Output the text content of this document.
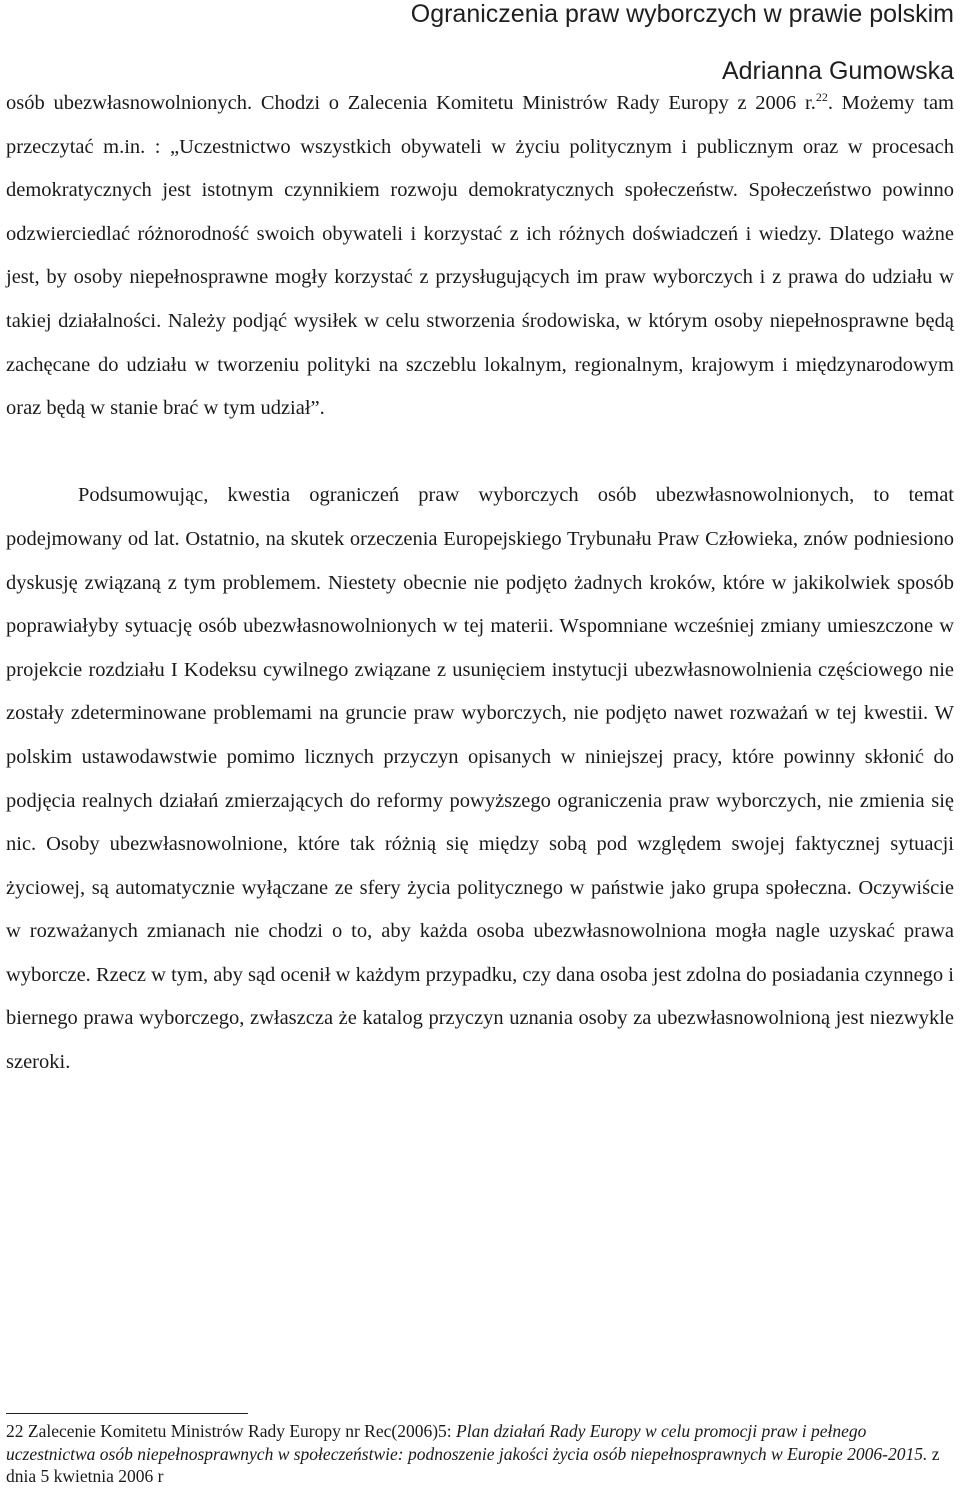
Ograniczenia praw wyborczych w prawie polskim
Adrianna Gumowska

osób ubezwłasnowolnionych. Chodzi o Zalecenia Komitetu Ministrów Rady Europy z 2006 r.$^{22}$. Możemy tam przeczytać m.in. : „Uczestnictwo wszystkich obywateli w życiu politycznym i publicznym oraz w procesach demokratycznych jest istotnym czynnikiem rozwoju demokratycznych społeczeństw. Społeczeństwo powinno odzwierciedlać różnorodność swoich obywateli i korzystać z ich różnych doświadczeń i wiedzy. Dlatego ważne jest, by osoby niepełnosprawne mogły korzystać z przysługujących im praw wyborczych i z prawa do udziału w takiej działalności. Należy podjąć wysiłek w celu stworzenia środowiska, w którym osoby niepełnosprawne będą zachęcane do udziału w tworzeniu polityki na szczeblu lokalnym, regionalnym, krajowym i międzynarodowym oraz będą w stanie brać w tym udział”.

Podsumowując, kwestia ograniczeń praw wyborczych osób ubezwłasnowolnionych, to temat podejmowany od lat. Ostatnio, na skutek orzeczenia Europejskiego Trybunału Praw Człowieka, znów podniesiono dyskusję związaną z tym problemem. Niestety obecnie nie podjęto żadnych kroków, które w jakikolwiek sposób poprawiałyby sytuację osób ubezwłasnowolnionych w tej materii. Wspomniane wcześniej zmiany umieszczone w projekcie rozdziału I Kodeksu cywilnego związane z usunięciem instytucji ubezwłasnowolnienia częściowego nie zostały zdeterminowane problemami na gruncie praw wyborczych, nie podjęto nawet rozważań w tej kwestii. W polskim ustawodawstwie pomimo licznych przyczyn opisanych w niniejszej pracy, które powinny skłonić do podjęcia realnych działań zmierzających do reformy powyższego ograniczenia praw wyborczych, nie zmienia się nic. Osoby ubezwłasnowolnione, które tak różnią się między sobą pod względem swojej faktycznej sytuacji życiowej, są automatycznie wyłączane ze sfery życia politycznego w państwie jako grupa społeczna. Oczywiście w rozważanych zmianach nie chodzi o to, aby każda osoba ubezwłasnowolniona mogła nagle uzyskać prawa wyborcze. Rzecz w tym, aby sąd ocenił w każdym przypadku, czy dana osoba jest zdolna do posiadania czynnego i biernego prawa wyborczego, zwłaszcza że katalog przyczyn uznania osoby za ubezwłasnowolnioną jest niezwykle szeroki.

22 Zalecenie Komitetu Ministrów Rady Europy nr Rec(2006)5: Plan działań Rady Europy w celu promocji praw i pełnego uczestnictwa osób niepełnosprawnych w społeczeństwie: podnoszenie jakości życia osób niepełnosprawnych w Europie 2006-2015. z dnia 5 kwietnia 2006 r
